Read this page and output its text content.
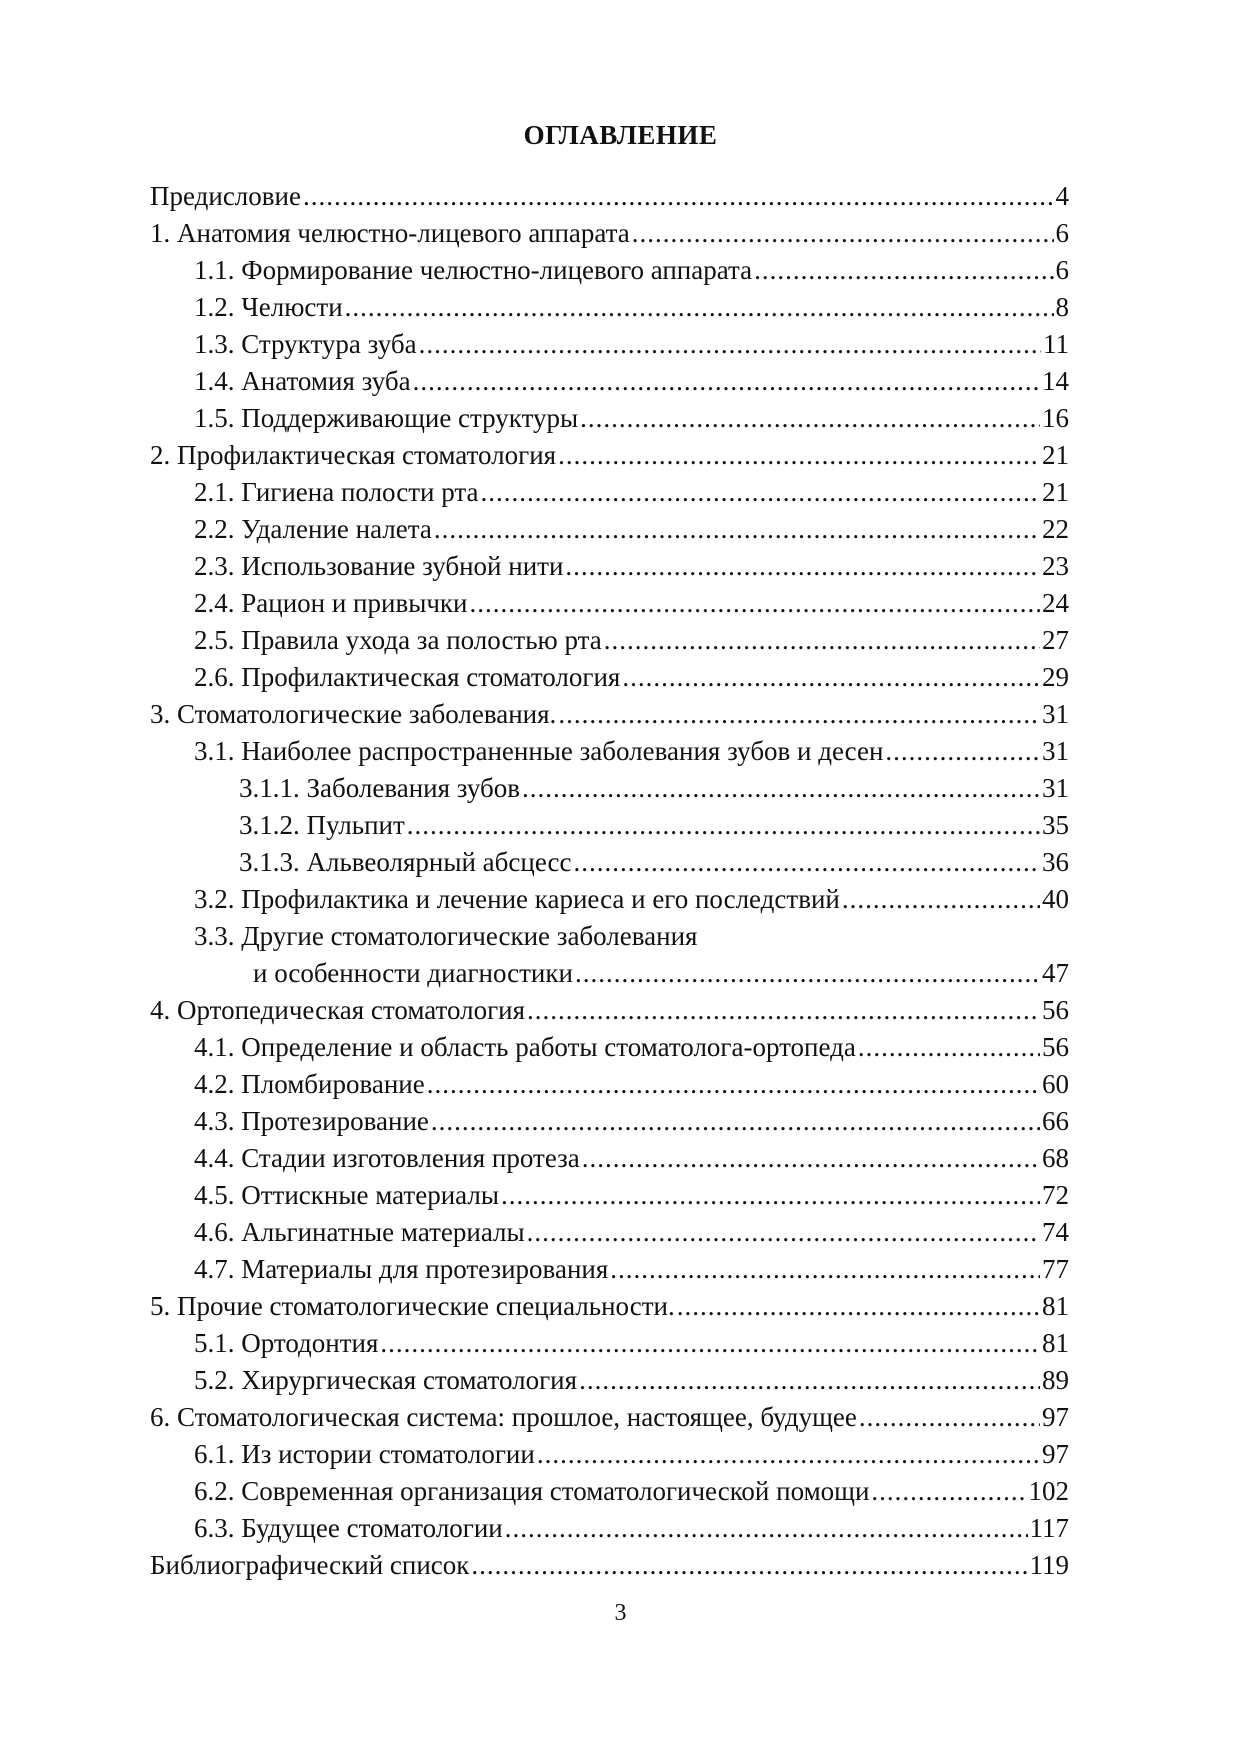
ОГЛАВЛЕНИЕ
Предисловие .....	4
1. Анатомия челюстно-лицевого аппарата .....	6
1.1. Формирование челюстно-лицевого аппарата .....	6
1.2. Челюсти .....	8
1.3. Структура зуба .....	11
1.4. Анатомия зуба .....	14
1.5. Поддерживающие структуры .....	16
2. Профилактическая стоматология .....	21
2.1. Гигиена полости рта .....	21
2.2. Удаление налета .....	22
2.3. Использование зубной нити .....	23
2.4. Рацион и привычки .....	24
2.5. Правила ухода за полостью рта .....	27
2.6. Профилактическая стоматология .....	29
3. Стоматологические заболевания. .....	31
3.1. Наиболее распространенные заболевания зубов и десен .....	31
3.1.1. Заболевания зубов .....	31
3.1.2. Пульпит .....	35
3.1.3. Альвеолярный абсцесс .....	36
3.2. Профилактика и лечение кариеса и его последствий .....	40
3.3. Другие стоматологические заболевания
и особенности диагностики .....	47
4. Ортопедическая стоматология .....	56
4.1. Определение и область работы стоматолога-ортопеда .....	56
4.2. Пломбирование .....	60
4.3. Протезирование .....	66
4.4. Стадии изготовления протеза .....	68
4.5. Оттискные материалы .....	72
4.6. Альгинатные материалы .....	74
4.7. Материалы для протезирования .....	77
5. Прочие стоматологические специальности. .....	81
5.1. Ортодонтия .....	81
5.2. Хирургическая стоматология .....	89
6. Стоматологическая система: прошлое, настоящее, будущее .....	97
6.1. Из истории стоматологии .....	97
6.2. Современная организация стоматологической помощи .....	102
6.3. Будущее стоматологии .....	117
Библиографический список .....	119
3
